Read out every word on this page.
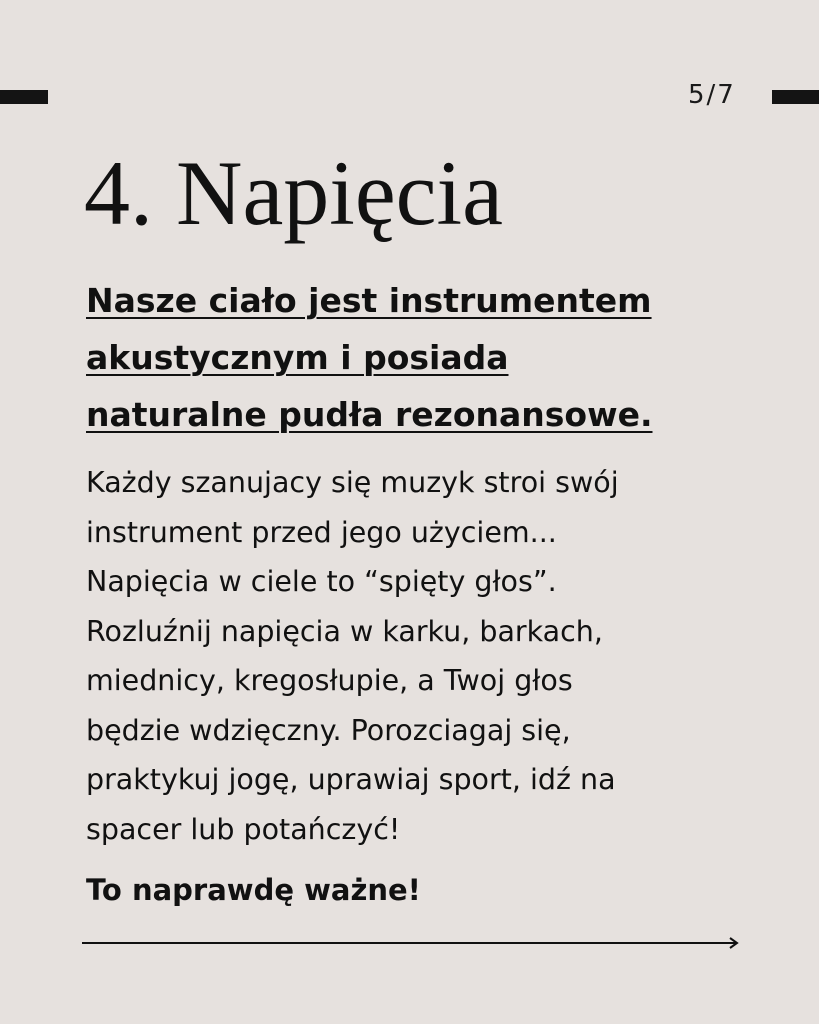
5/7
4. Napięcia
Nasze ciało jest instrumentem
akustycznym i posiada
naturalne pudła rezonansowe.
Każdy szanujacy się muzyk stroi swój
instrument przed jego użyciem...
Napięcia w ciele to “spięty głos”.
Rozluźnij napięcia w karku, barkach,
miednicy, kregosłupie, a Twoj głos
będzie wdzięczny. Porozciagaj się,
praktykuj jogę, uprawiaj sport, idź na
spacer lub potańczyć!
To naprawdę ważne!
